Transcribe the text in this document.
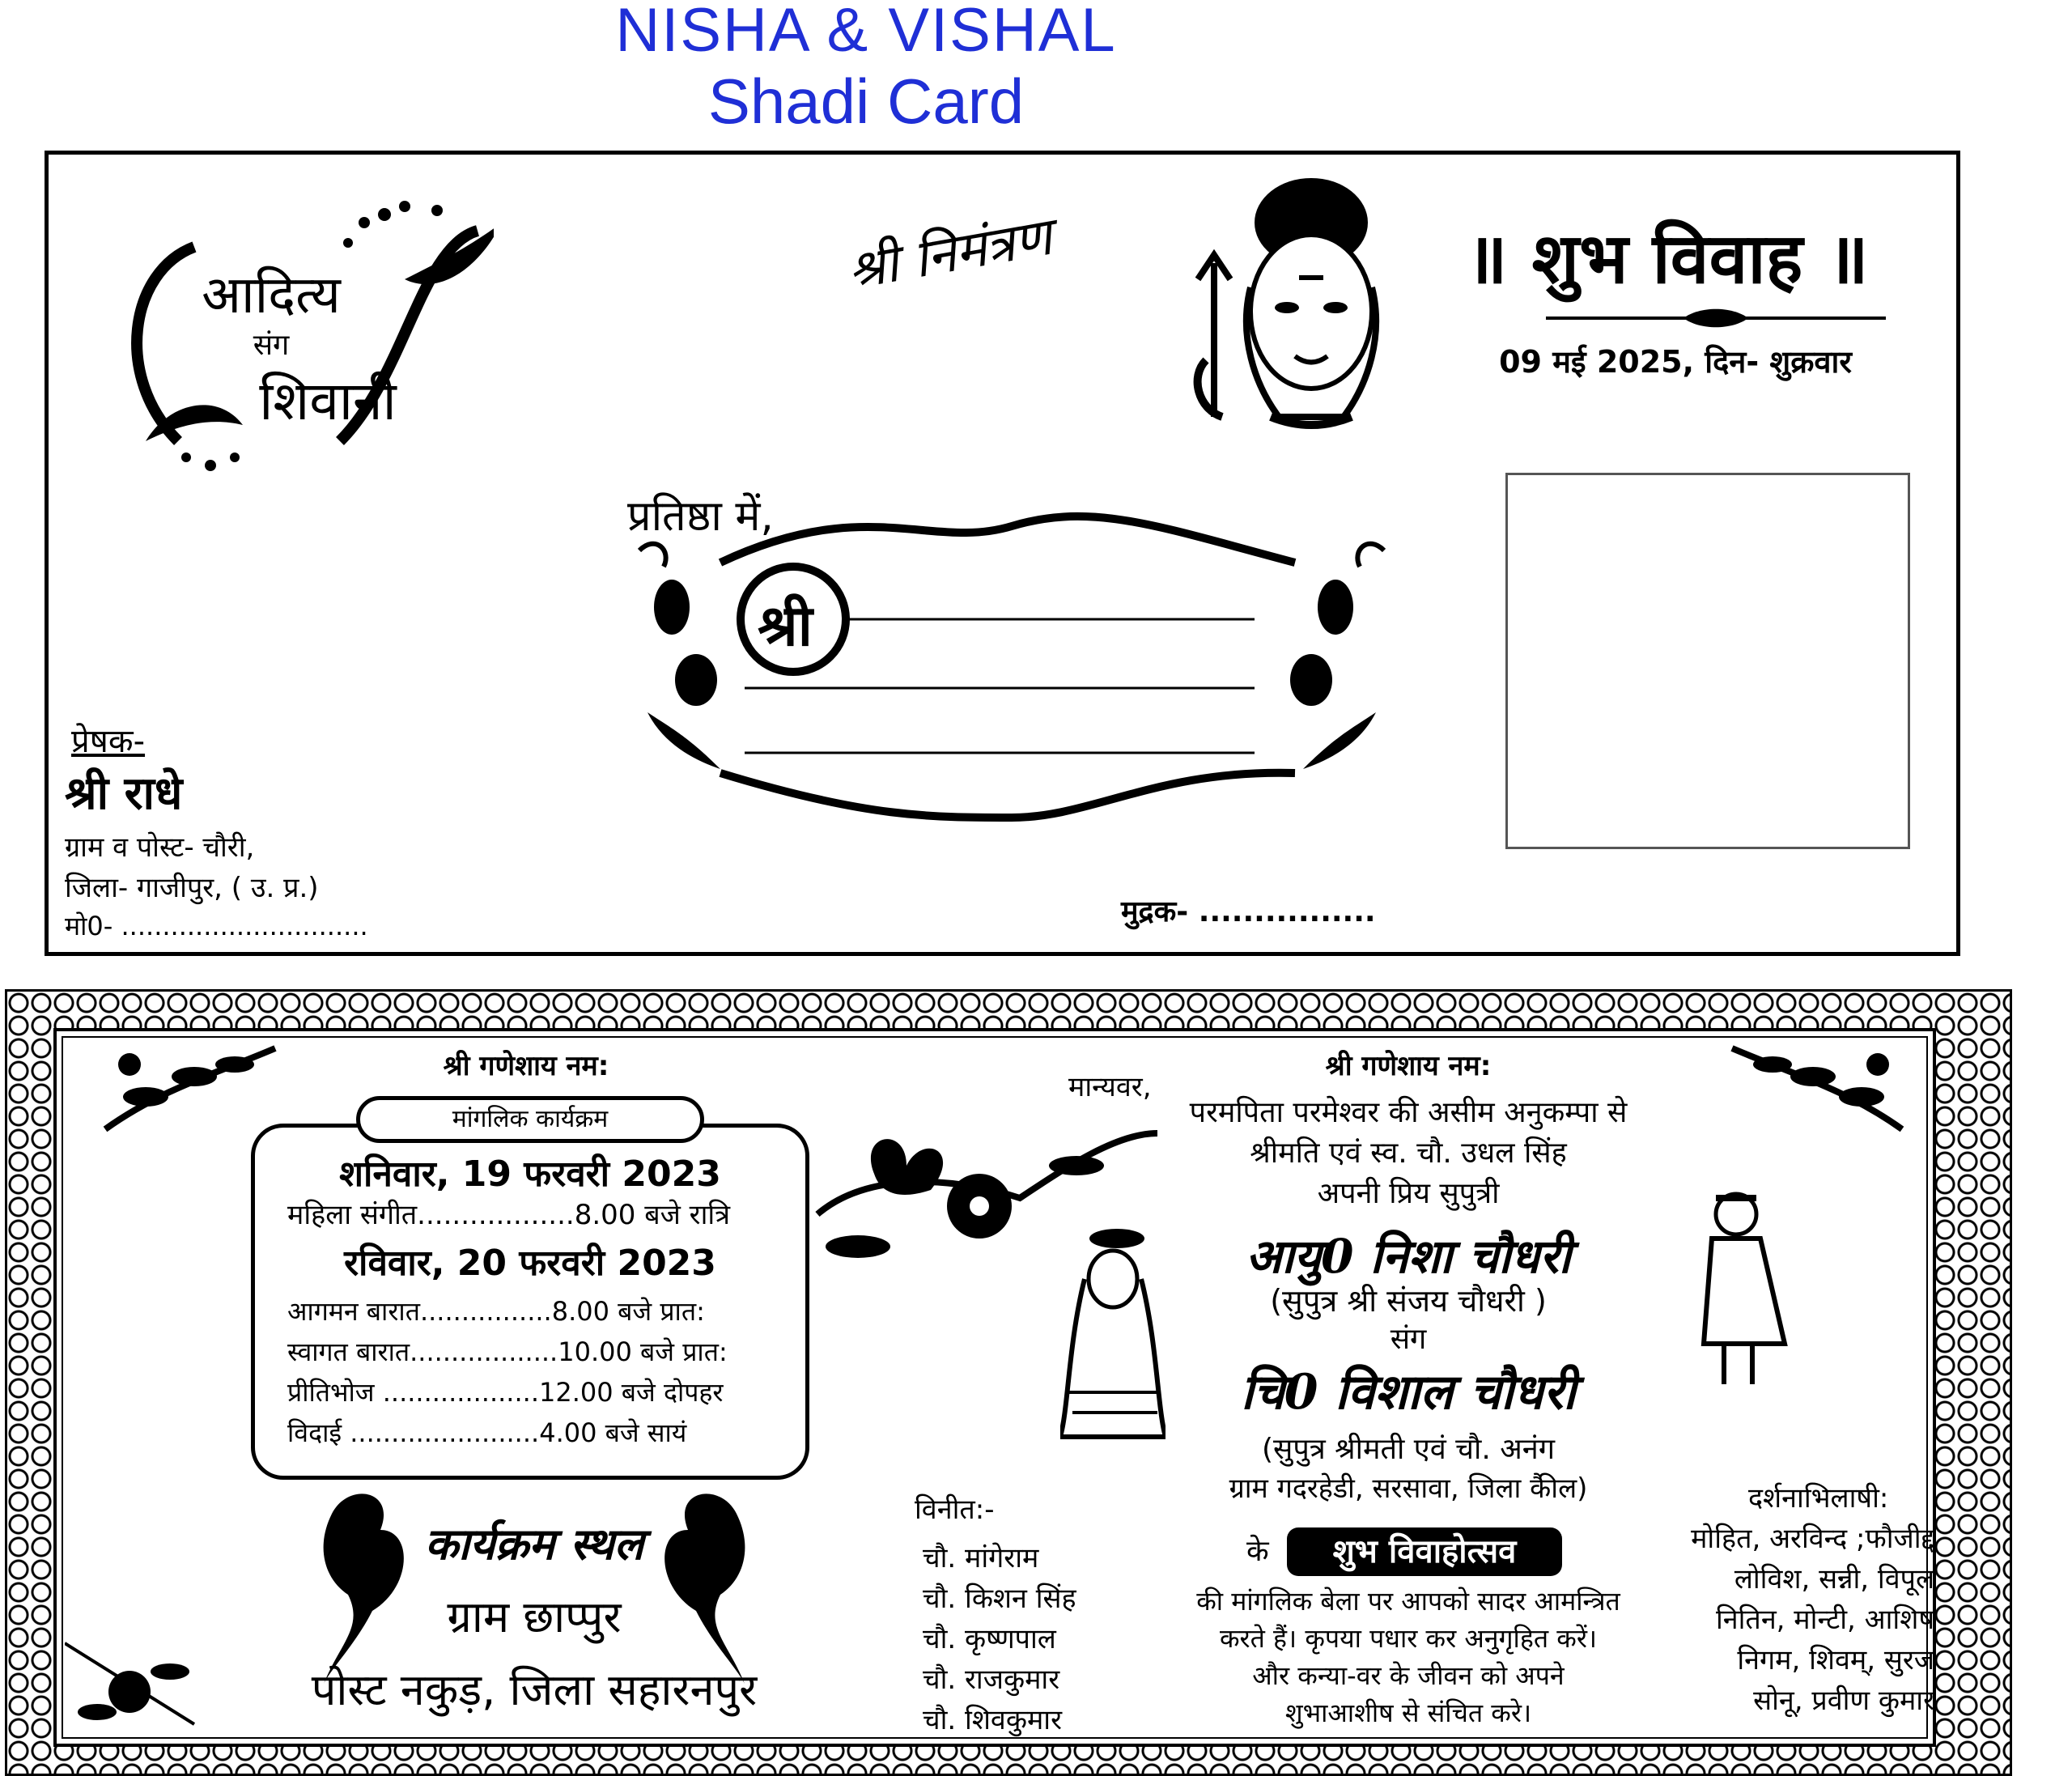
NISHA & VISHAL
Shadi Card
आदित्य
संग
शिवानी
श्री निमंत्रण	॥ शुभ विवाह ॥
09 मई 2025, दिन- शुक्रवार
प्रतिष्ठा में,
श्री
प्रेषक-
श्री राधे
ग्राम व पोस्ट- चौरी,
जिला- गाजीपुर, ( उ. प्र.)
मो0- ..............................	मुद्रक- ................
श्री गणेशाय नम:
मांगलिक कार्यक्रम
शनिवार, 19 फरवरी 2023
महिला संगीत..................8.00 बजे रात्रि
रविवार, 20 फरवरी 2023
आगमन बारात................8.00 बजे प्रात:
स्वागत बारात..................10.00 बजे प्रात:
प्रीतिभोज ...................12.00 बजे दोपहर
विदाई .......................4.00 बजे सायं
कार्यक्रम स्थल
ग्राम छाप्पुर
पोस्ट नकुड़, जिला सहारनपुर
मान्यवर,
श्री गणेशाय नम:
परमपिता परमेश्वर की असीम अनुकम्पा से
श्रीमति एवं स्व. चौ. उधल सिंह
अपनी प्रिय सुपुत्री
आयु0 निशा चौधरी
(सुपुत्र श्री संजय चौधरी )
संग
चि0 विशाल चौधरी
(सुपुत्र श्रीमती एवं चौ. अनंग
ग्राम गदरहेडी, सरसावा, जिला कैील)
के	शुभ विवाहोत्सव
की मांगलिक बेला पर आपको सादर आमन्त्रित
करते हैं। कृपया पधार कर अनुगृहित करें।
और कन्या-वर के जीवन को अपने
शुभाआशीष से संचित करे।
विनीत:-
चौ. मांगेराम
चौ. किशन सिंह
चौ. कृष्णपाल
चौ. राजकुमार
चौ. शिवकुमार
दर्शनाभिलाषी:
मोहित, अरविन्द ;फौजीद्द
लोविश, सन्नी, विपूल
नितिन, मोन्टी, आशिष
निगम, शिवम्, सुरज
सोनू, प्रवीण कुमार
